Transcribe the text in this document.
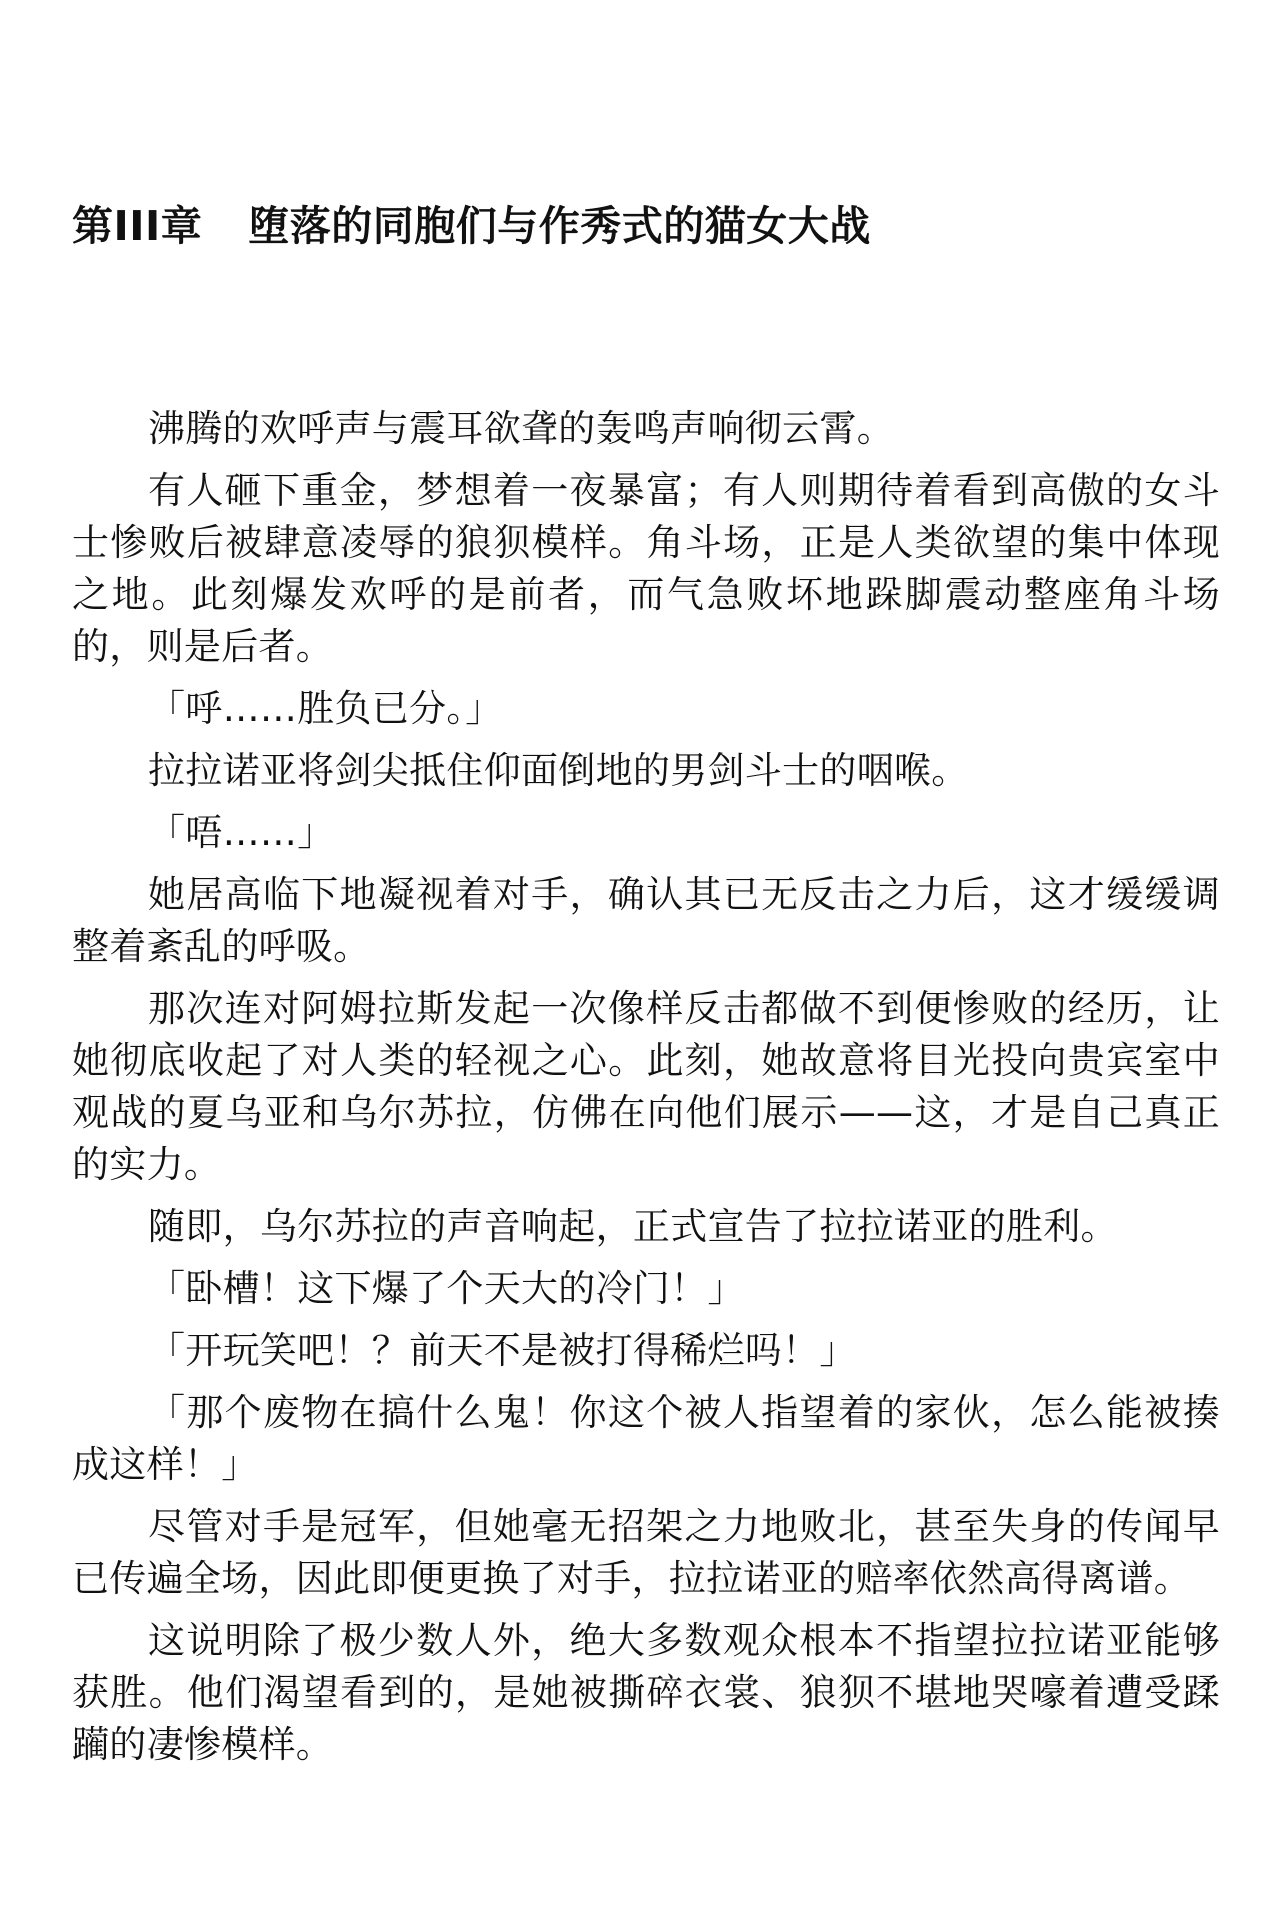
第III章 堕落的同胞们与作秀式的猫女大战

沸腾的欢呼声与震耳欲聋的轰鸣声响彻云霄。

有人砸下重金，梦想着一夜暴富；有人则期待着看到高傲的女斗士惨败后被肆意凌辱的狼狈模样。角斗场，正是人类欲望的集中体现之地。此刻爆发欢呼的是前者，而气急败坏地跺脚震动整座角斗场的，则是后者。

「呼……胜负已分。」

拉拉诺亚将剑尖抵住仰面倒地的男剑斗士的咽喉。

「唔……」

她居高临下地凝视着对手，确认其已无反击之力后，这才缓缓调整着紊乱的呼吸。

那次连对阿姆拉斯发起一次像样反击都做不到便惨败的经历，让她彻底收起了对人类的轻视之心。此刻，她故意将目光投向贵宾室中观战的夏乌亚和乌尔苏拉，仿佛在向他们展示——这，才是自己真正的实力。

随即，乌尔苏拉的声音响起，正式宣告了拉拉诺亚的胜利。

「卧槽！这下爆了个天大的冷门！」

「开玩笑吧！？前天不是被打得稀烂吗！」

「那个废物在搞什么鬼！你这个被人指望着的家伙，怎么能被揍成这样！」

尽管对手是冠军，但她毫无招架之力地败北，甚至失身的传闻早已传遍全场，因此即便更换了对手，拉拉诺亚的赔率依然高得离谱。

这说明除了极少数人外，绝大多数观众根本不指望拉拉诺亚能够获胜。他们渴望看到的，是她被撕碎衣裳、狼狈不堪地哭嚎着遭受蹂躏的凄惨模样。
